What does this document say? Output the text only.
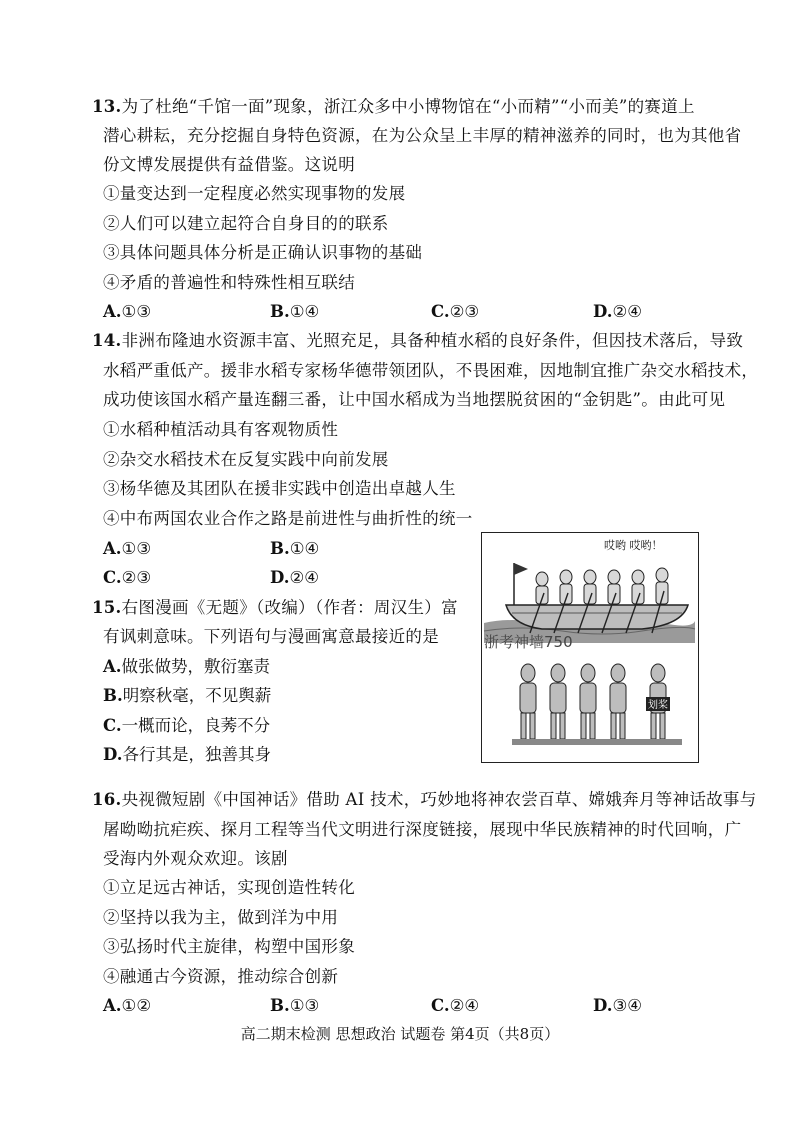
13.为了杜绝“千馆一面”现象，浙江众多中小博物馆在“小而精”“小而美”的赛道上
潜心耕耘，充分挖掘自身特色资源，在为公众呈上丰厚的精神滋养的同时，也为其他省
份文博发展提供有益借鉴。这说明
①量变达到一定程度必然实现事物的发展
②人们可以建立起符合自身目的的联系
③具体问题具体分析是正确认识事物的基础
④矛盾的普遍性和特殊性相互联结
A.①③	B.①④	C.②③	D.②④
14.非洲布隆迪水资源丰富、光照充足，具备种植水稻的良好条件，但因技术落后，导致
水稻严重低产。援非水稻专家杨华德带领团队，不畏困难，因地制宜推广杂交水稻技术，
成功使该国水稻产量连翻三番，让中国水稻成为当地摆脱贫困的“金钥匙”。由此可见
①水稻种植活动具有客观物质性
②杂交水稻技术在反复实践中向前发展
③杨华德及其团队在援非实践中创造出卓越人生
④中布两国农业合作之路是前进性与曲折性的统一
A.①③	B.①④
C.②③	D.②④
15.右图漫画《无题》（改编）（作者：周汉生）富
有讽刺意味。下列语句与漫画寓意最接近的是
A.做张做势，敷衍塞责
B.明察秋毫，不见舆薪
C.一概而论，良莠不分
D.各行其是，独善其身
哎哟 哎哟！
浙考神墙750
划桨
16.央视微短剧《中国神话》借助 AI 技术，巧妙地将神农尝百草、嫦娥奔月等神话故事与
屠呦呦抗疟疾、探月工程等当代文明进行深度链接，展现中华民族精神的时代回响，广
受海内外观众欢迎。该剧
①立足远古神话，实现创造性转化
②坚持以我为主，做到洋为中用
③弘扬时代主旋律，构塑中国形象
④融通古今资源，推动综合创新
A.①②	B.①③	C.②④	D.③④
高二期末检测 思想政治 试题卷 第4页（共8页）
